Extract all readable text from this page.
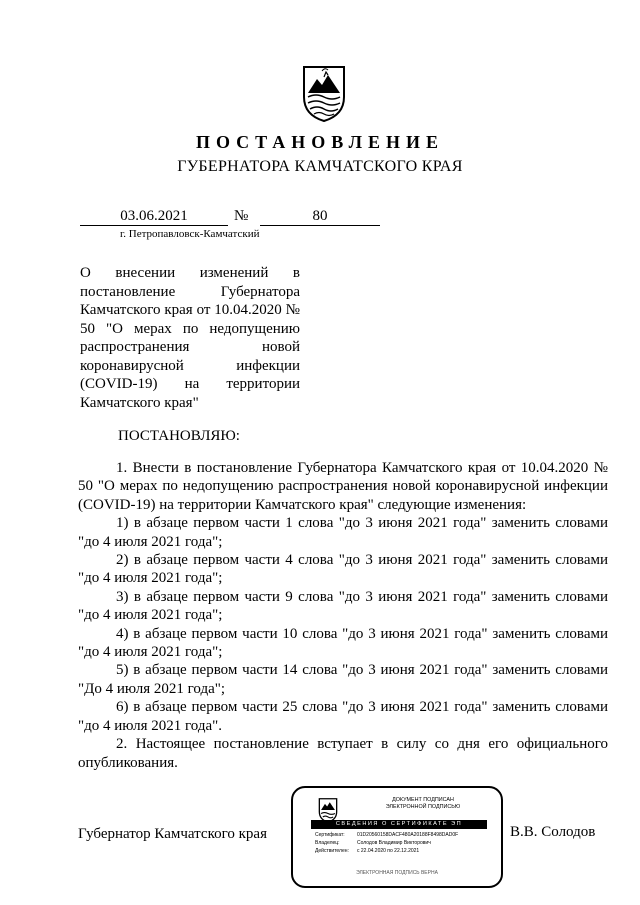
ПОСТАНОВЛЕНИЕ
ГУБЕРНАТОРА КАМЧАТСКОГО КРАЯ
03.06.2021	№	80
г. Петропавловск-Камчатский
О внесении изменений в постановление Губернатора Камчатского края от 10.04.2020 № 50 "О мерах по недопущению распространения новой коронавирусной инфекции (COVID-19) на территории Камчатского края"
ПОСТАНОВЛЯЮ:

1. Внести в постановление Губернатора Камчатского края от 10.04.2020 № 50 "О мерах по недопущению распространения новой коронавирусной инфекции (COVID-19) на территории Камчатского края" следующие изменения:

1) в абзаце первом части 1 слова "до 3 июня 2021 года" заменить словами "до 4 июля 2021 года";

2) в абзаце первом части 4 слова "до 3 июня 2021 года" заменить словами "до 4 июля 2021 года";

3) в абзаце первом части 9 слова "до 3 июня 2021 года" заменить словами "до 4 июля 2021 года";

4) в абзаце первом части 10 слова "до 3 июня 2021 года" заменить словами "до 4 июля 2021 года";

5) в абзаце первом части 14 слова "до 3 июня 2021 года" заменить словами "До 4 июля 2021 года";

6) в абзаце первом части 25 слова "до 3 июня 2021 года" заменить словами "до 4 июля 2021 года".

2. Настоящее постановление вступает в силу со дня его официального опубликования.

Губернатор Камчатского края	В.В. Солодов
ДОКУМЕНТ ПОДПИСАН
ЭЛЕКТРОННОЙ ПОДПИСЬЮ
СВЕДЕНИЯ О СЕРТИФИКАТЕ ЭП
Сертификат: 01D20560158DACF480A20188F8498DAD0F
Владелец:	Солодов Владимир Викторович
Действителен: с 22.04.2020 по 22.12.2021
ЭЛЕКТРОННАЯ ПОДПИСЬ ВЕРНА
